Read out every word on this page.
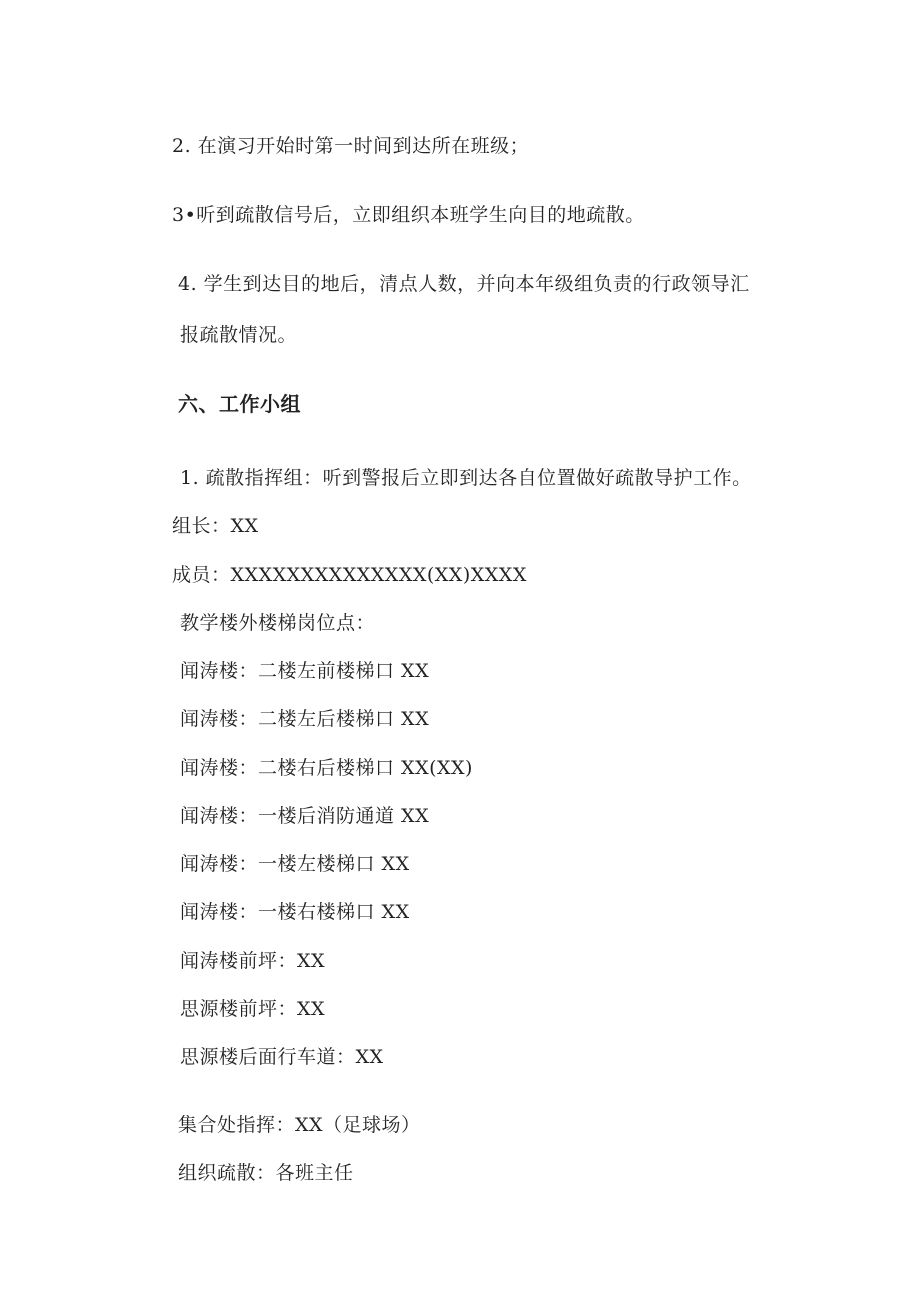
2. 在演习开始时第一时间到达所在班级；
3•听到疏散信号后，立即组织本班学生向目的地疏散。
4. 学生到达目的地后，清点人数，并向本年级组负责的行政领导汇
报疏散情况。
六、工作小组
1. 疏散指挥组：听到警报后立即到达各自位置做好疏散导护工作。
组长：XX
成员：XXXXXXXXXXXXXX(XX)XXXX
教学楼外楼梯岗位点：
闻涛楼：二楼左前楼梯口 XX
闻涛楼：二楼左后楼梯口 XX
闻涛楼：二楼右后楼梯口 XX(XX)
闻涛楼：一楼后消防通道 XX
闻涛楼：一楼左楼梯口 XX
闻涛楼：一楼右楼梯口 XX
闻涛楼前坪：XX
思源楼前坪：XX
思源楼后面行车道：XX
集合处指挥：XX（足球场）
组织疏散：各班主任
